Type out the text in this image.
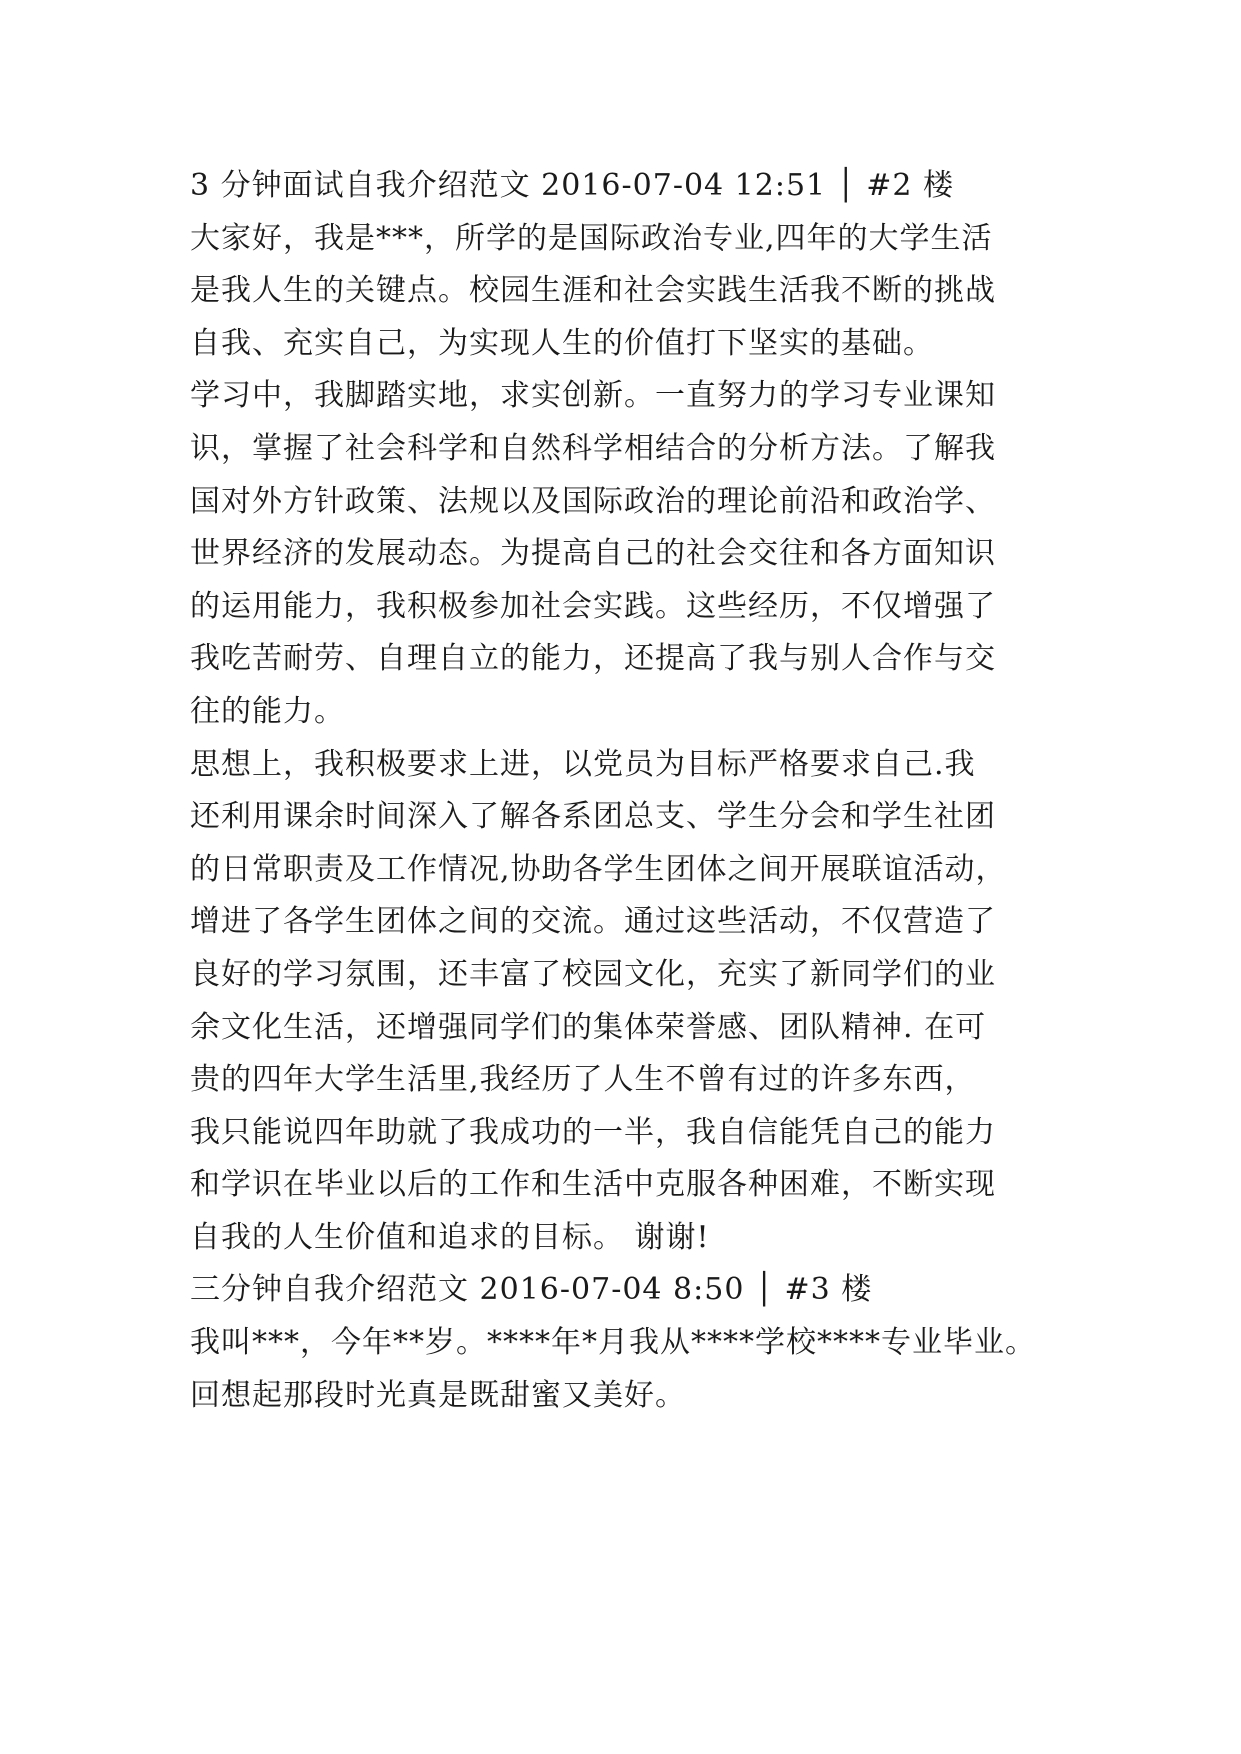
3 分钟面试自我介绍范文 2016-07-04 12:51 │ #2 楼
大家好，我是***，所学的是国际政治专业,四年的大学生活
是我人生的关键点。校园生涯和社会实践生活我不断的挑战
自我、充实自己，为实现人生的价值打下坚实的基础。
学习中，我脚踏实地，求实创新。一直努力的学习专业课知
识，掌握了社会科学和自然科学相结合的分析方法。了解我
国对外方针政策、法规以及国际政治的理论前沿和政治学、
世界经济的发展动态。为提高自己的社会交往和各方面知识
的运用能力，我积极参加社会实践。这些经历，不仅增强了
我吃苦耐劳、自理自立的能力，还提高了我与别人合作与交
往的能力。
思想上，我积极要求上进，以党员为目标严格要求自己.我
还利用课余时间深入了解各系团总支、学生分会和学生社团
的日常职责及工作情况,协助各学生团体之间开展联谊活动，
增进了各学生团体之间的交流。通过这些活动，不仅营造了
良好的学习氛围，还丰富了校园文化，充实了新同学们的业
余文化生活，还增强同学们的集体荣誉感、团队精神. 在可
贵的四年大学生活里,我经历了人生不曾有过的许多东西，
我只能说四年助就了我成功的一半，我自信能凭自己的能力
和学识在毕业以后的工作和生活中克服各种困难，不断实现
自我的人生价值和追求的目标。 谢谢!
三分钟自我介绍范文 2016-07-04 8:50 │ #3 楼
我叫***，今年**岁。****年*月我从****学校****专业毕业。
回想起那段时光真是既甜蜜又美好。
